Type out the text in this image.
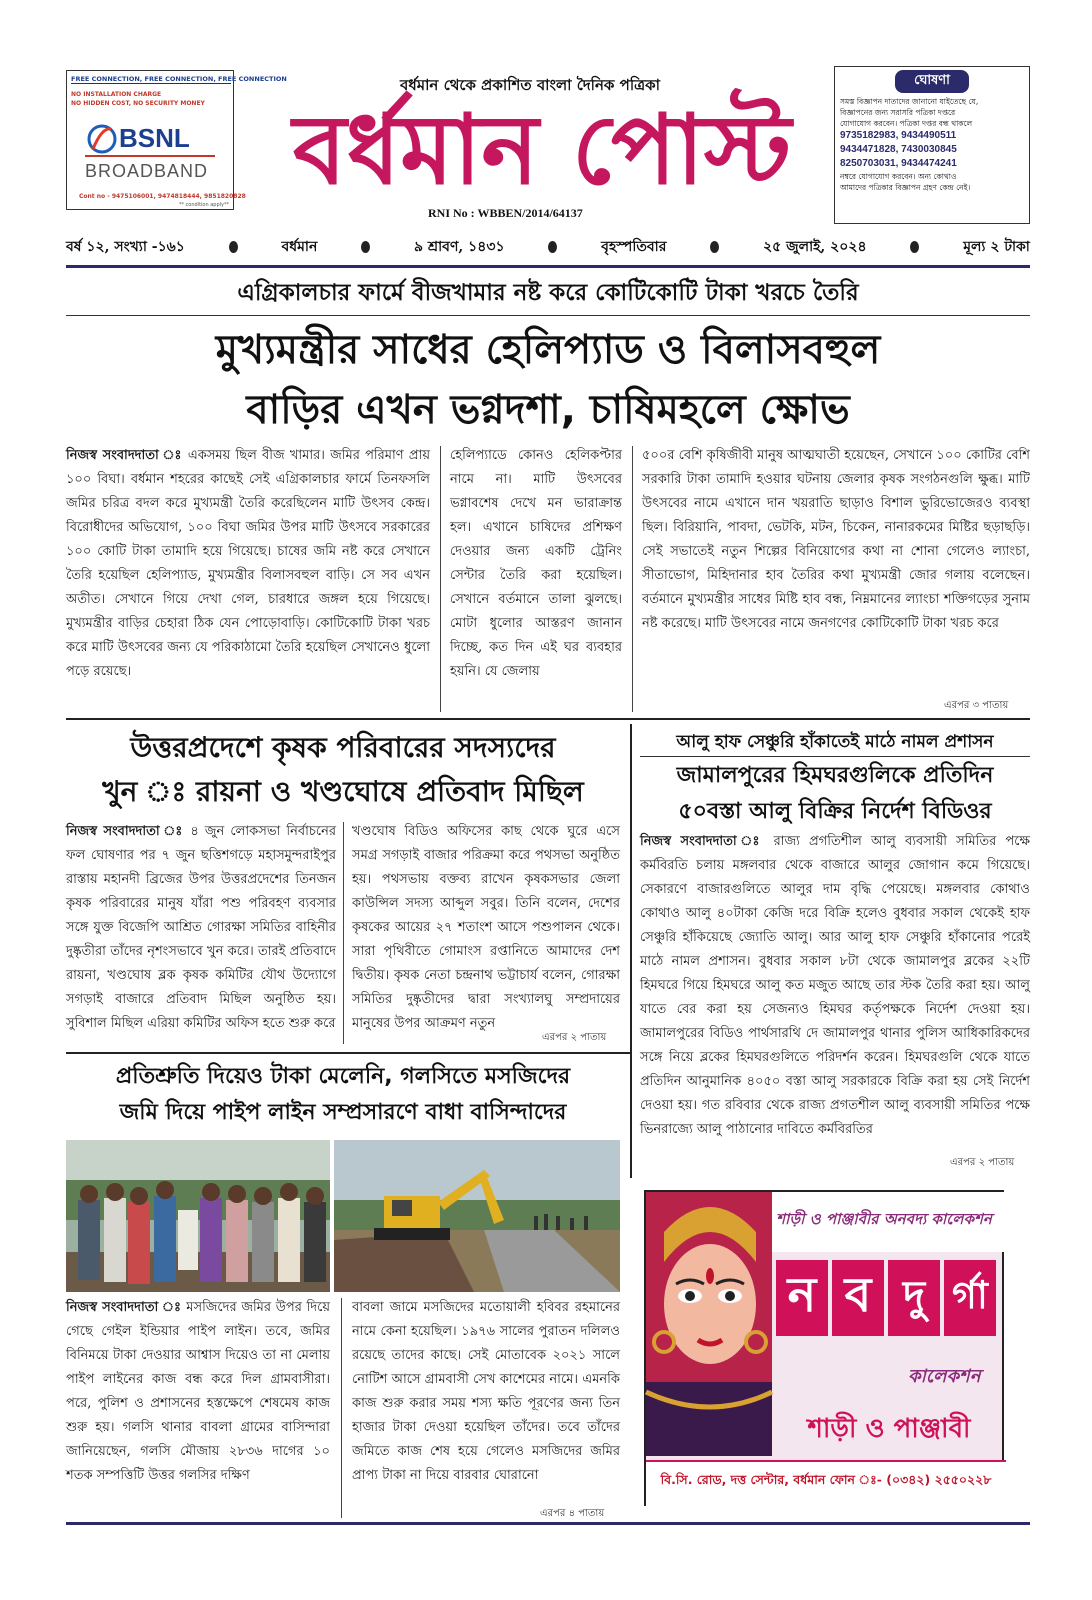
FREE CONNECTION, FREE CONNECTION, FREE CONNECTION
NO INSTALLATION CHARGE
NO HIDDEN COST, NO SECURITY MONEY
BSNL
BROADBAND
Cont no - 9475106001, 9474818444, 9851820828
** condition apply**
বর্ধমান থেকে প্রকাশিত বাংলা দৈনিক পত্রিকা
বর্ধমান পোস্ট
RNI No : WBBEN/2014/64137
ঘোষণা
সমস্ত বিজ্ঞাপন দাতাদের জানানো যাইতেছে যে,
বিজ্ঞাপনের জন্য সরাসরি পত্রিকা দপ্তরে
যোগাযোগ করবেন। পত্রিকা দপ্তর বন্ধ থাকলে
9735182983, 9434490511
9434471828, 7430030845
8250703031, 9434474241
নম্বরে যোগাযোগ করবেন। অন্য কোথাও
আমাদের পত্রিকার বিজ্ঞাপন গ্রহণ কেন্দ্র নেই।
বর্ষ ১২, সংখ্যা -১৬১	বর্ধমান	৯ শ্রাবণ, ১৪৩১	বৃহস্পতিবার	২৫ জুলাই, ২০২৪	মূল্য ২ টাকা
এগ্রিকালচার ফার্মে বীজখামার নষ্ট করে কোটিকোটি টাকা খরচে তৈরি
মুখ্যমন্ত্রীর সাধের হেলিপ্যাড ও বিলাসবহুল
বাড়ির এখন ভগ্নদশা, চাষিমহলে ক্ষোভ

নিজস্ব সংবাদদাতা ঃ একসময় ছিল বীজ খামার। জমির পরিমাণ প্রায় ১০০ বিঘা। বর্ধমান শহরের কাছেই সেই এগ্রিকালচার ফার্মে তিনফসলি জমির চরিত্র বদল করে মুখ্যমন্ত্রী তৈরি করেছিলেন মাটি উৎসব কেন্দ্র। বিরোধীদের অভিযোগ, ১০০ বিঘা জমির উপর মাটি উৎসবে সরকারের ১০০ কোটি টাকা তামাদি হয়ে গিয়েছে। চাষের জমি নষ্ট করে সেখানে তৈরি হয়েছিল হেলিপ্যাড, মুখ্যমন্ত্রীর বিলাসবহুল বাড়ি। সে সব এখন অতীত। সেখানে গিয়ে দেখা গেল, চারধারে জঙ্গল হয়ে গিয়েছে। মুখ্যমন্ত্রীর বাড়ির চেহারা ঠিক যেন পোড়োবাড়ি। কোটিকোটি টাকা খরচ করে মাটি উৎসবের জন্য যে পরিকাঠামো তৈরি হয়েছিল সেখানেও ধুলো পড়ে রয়েছে।

হেলিপ্যাডে কোনও হেলিকপ্টার নামে না। মাটি উৎসবের ভগ্নাবশেষ দেখে মন ভারাক্রান্ত হল। এখানে চাষিদের প্রশিক্ষণ দেওয়ার জন্য একটি ট্রেনিং সেন্টার তৈরি করা হয়েছিল। সেখানে বর্তমানে তালা ঝুলছে। মোটা ধুলোর আস্তরণ জানান দিচ্ছে, কত দিন এই ঘর ব্যবহার হয়নি। যে জেলায়

৫০০র বেশি কৃষিজীবী মানুষ আত্মঘাতী হয়েছেন, সেখানে ১০০ কোটির বেশি সরকারি টাকা তামাদি হওয়ার ঘটনায় জেলার কৃষক সংগঠনগুলি ক্ষুব্ধ। মাটি উৎসবের নামে এখানে দান খয়রাতি ছাড়াও বিশাল ভুরিভোজেরও ব্যবস্থা ছিল। বিরিয়ানি, পাবদা, ভেটকি, মটন, চিকেন, নানারকমের মিষ্টির ছড়াছড়ি। সেই সভাতেই নতুন শিল্পের বিনিয়োগের কথা না শোনা গেলেও ল্যাংচা, সীতাভোগ, মিহিদানার হাব তৈরির কথা মুখ্যমন্ত্রী জোর গলায় বলেছেন। বর্তমানে মুখ্যমন্ত্রীর সাধের মিষ্টি হাব বন্ধ, নিম্নমানের ল্যাংচা শক্তিগড়ের সুনাম নষ্ট করেছে। মাটি উৎসবের নামে জনগণের কোটিকোটি টাকা খরচ করে

এরপর ৩ পাতায়
উত্তরপ্রদেশে কৃষক পরিবারের সদস্যদের
খুন ঃ রায়না ও খণ্ডঘোষে প্রতিবাদ মিছিল

নিজস্ব সংবাদদাতা ঃ ৪ জুন লোকসভা নির্বাচনের ফল ঘোষণার পর ৭ জুন ছত্তিশগড়ে মহাসমুন্দরাইপুর রাস্তায় মহানদী ব্রিজের উপর উত্তরপ্রদেশের তিনজন কৃষক পরিবারের মানুষ যাঁরা পশু পরিবহণ ব্যবসার সঙ্গে যুক্ত বিজেপি আশ্রিত গোরক্ষা সমিতির বাহিনীর দুষ্কৃতীরা তাঁদের নৃশংসভাবে খুন করে। তারই প্রতিবাদে রায়না, খণ্ডঘোষ ব্লক কৃষক কমিটির যৌথ উদ্যোগে সগড়াই বাজারে প্রতিবাদ মিছিল অনুষ্ঠিত হয়। সুবিশাল মিছিল এরিয়া কমিটির অফিস হতে শুরু করে

খণ্ডঘোষ বিডিও অফিসের কাছ থেকে ঘুরে এসে সমগ্র সগড়াই বাজার পরিক্রমা করে পথসভা অনুষ্ঠিত হয়। পথসভায় বক্তব্য রাখেন কৃষকসভার জেলা কাউন্সিল সদস্য আব্দুল সবুর। তিনি বলেন, দেশের কৃষকের আয়ের ২৭ শতাংশ আসে পশুপালন থেকে। সারা পৃথিবীতে গোমাংস রপ্তানিতে আমাদের দেশ দ্বিতীয়। কৃষক নেতা চন্দ্রনাথ ভট্টাচার্য বলেন, গোরক্ষা সমিতির দুষ্কৃতীদের দ্বারা সংখ্যালঘু সম্প্রদায়ের মানুষের উপর আক্রমণ নতুন

এরপর ২ পাতায়
আলু হাফ সেঞ্চুরি হাঁকাতেই মাঠে নামল প্রশাসন
জামালপুরের হিমঘরগুলিকে প্রতিদিন
৫০বস্তা আলু বিক্রির নির্দেশ বিডিওর

নিজস্ব সংবাদদাতা ঃ রাজ্য প্রগতিশীল আলু ব্যবসায়ী সমিতির পক্ষে কর্মবিরতি চলায় মঙ্গলবার থেকে বাজারে আলুর জোগান কমে গিয়েছে। সেকারণে বাজারগুলিতে আলুর দাম বৃদ্ধি পেয়েছে। মঙ্গলবার কোথাও কোথাও আলু ৪০টাকা কেজি দরে বিক্রি হলেও বুধবার সকাল থেকেই হাফ সেঞ্চুরি হাঁকিয়েছে জ্যোতি আলু। আর আলু হাফ সেঞ্চুরি হাঁকানোর পরেই মাঠে নামল প্রশাসন। বুধবার সকাল ৮টা থেকে জামালপুর ব্লকের ২২টি হিমঘরে গিয়ে হিমঘরে আলু কত মজুত আছে তার স্টক তৈরি করা হয়। আলু যাতে বের করা হয় সেজন্যও হিমঘর কর্তৃপক্ষকে নির্দেশ দেওয়া হয়। জামালপুরের বিডিও পার্থসারথি দে জামালপুর থানার পুলিস আধিকারিকদের সঙ্গে নিয়ে ব্লকের হিমঘরগুলিতে পরিদর্শন করেন। হিমঘরগুলি থেকে যাতে প্রতিদিন আনুমানিক ৪০৫০ বস্তা আলু সরকারকে বিক্রি করা হয় সেই নির্দেশ দেওয়া হয়। গত রবিবার থেকে রাজ্য প্রগতশীল আলু ব্যবসায়ী সমিতির পক্ষে ভিনরাজ্যে আলু পাঠানোর দাবিতে কর্মবিরতির

এরপর ২ পাতায়
প্রতিশ্রুতি দিয়েও টাকা মেলেনি, গলসিতে মসজিদের
জমি দিয়ে পাইপ লাইন সম্প্রসারণে বাধা বাসিন্দাদের

নিজস্ব সংবাদদাতা ঃ মসজিদের জমির উপর দিয়ে গেছে গেইল ইন্ডিয়ার পাইপ লাইন। তবে, জমির বিনিময়ে টাকা দেওয়ার আশ্বাস দিয়েও তা না মেলায় পাইপ লাইনের কাজ বন্ধ করে দিল গ্রামবাসীরা। পরে, পুলিশ ও প্রশাসনের হস্তক্ষেপে শেষমেষ কাজ শুরু হয়। গলসি থানার বাবলা গ্রামের বাসিন্দারা জানিয়েছেন, গলসি মৌজায় ২৮৩৬ দাগের ১০ শতক সম্পত্তিটি উত্তর গলসির দক্ষিণ

বাবলা জামে মসজিদের মতোয়ালী হবিবর রহমানের নামে কেনা হয়েছিল। ১৯৭৬ সালের পুরাতন দলিলও রয়েছে তাদের কাছে। সেই মোতাবেক ২০২১ সালে নোটিশ আসে গ্রামবাসী সেখ কাশেমের নামে। এমনকি কাজ শুরু করার সময় শস্য ক্ষতি পূরণের জন্য তিন হাজার টাকা দেওয়া হয়েছিল তাঁদের। তবে তাঁদের জমিতে কাজ শেষ হয়ে গেলেও মসজিদের জমির প্রাপ্য টাকা না দিয়ে বারবার ঘোরানো

এরপর ৪ পাতায়
শাড়ী ও পাঞ্জাবীর অনবদ্য কালেকশন
ন ব দু র্গা
কালেকশন
শাড়ী ও পাঞ্জাবী
বি.সি. রোড, দত্ত সেন্টার, বর্ধমান ফোন ঃ- (০৩৪২) ২৫৫০২২৮
